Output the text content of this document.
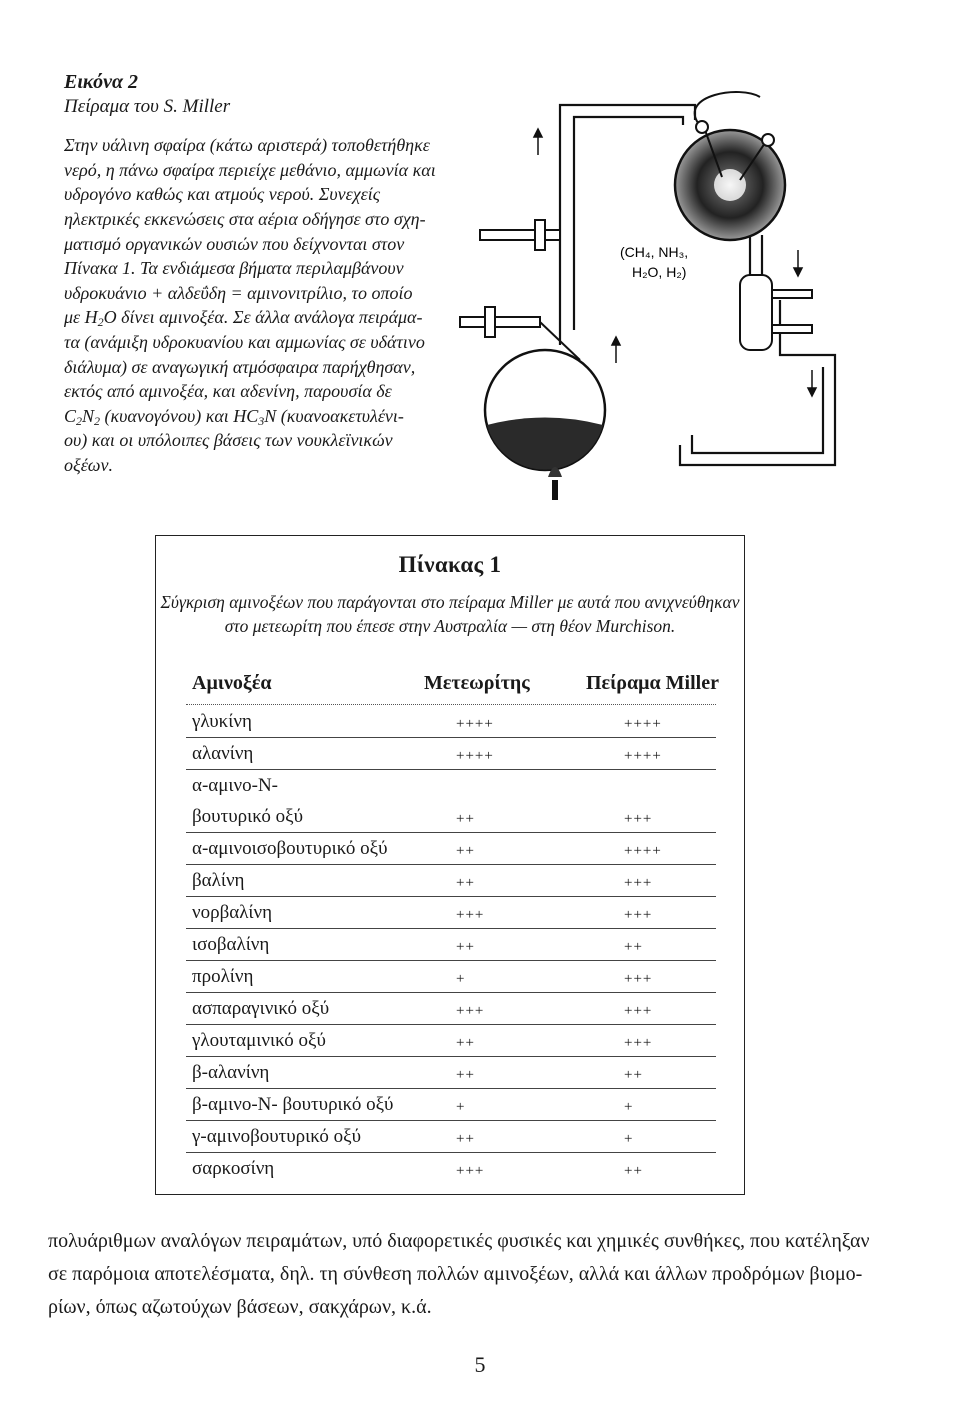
Εικόνα 2
Πείραμα του S. Miller
Στην υάλινη σφαίρα (κάτω αριστερά) τοποθετήθηκε
νερό, η πάνω σφαίρα περιείχε μεθάνιο, αμμωνία και
υδρογόνο καθώς και ατμούς νερού. Συνεχείς
ηλεκτρικές εκκενώσεις στα αέρια οδήγησε στο σχη-
ματισμό οργανικών ουσιών που δείχνονται στον
Πίνακα 1. Τα ενδιάμεσα βήματα περιλαμβάνουν
υδροκυάνιο + αλδεΰδη = αμινονιτρίλιο, το οποίο
με $H_2O$ δίνει αμινοξέα. Σε άλλα ανάλογα πειράμα-
τα (ανάμιξη υδροκυανίου και αμμωνίας σε υδάτινο
διάλυμα) σε αναγωγική ατμόσφαιρα παρήχθησαν,
εκτός από αμινοξέα, και αδενίνη, παρουσία δε
$C_2N_2$ (κυανογόνου) και $HC_3N$ (κυανοακετυλένι-
ου) και οι υπόλοιπες βάσεις των νουκλεϊνικών
οξέων.
(CH₄, NH₃,
H₂O, H₂)
Πίνακας 1
Σύγκριση αμινοξέων που παράγονται στο πείραμα Miller με αυτά που ανιχνεύθηκαν
στο μετεωρίτη που έπεσε στην Αυστραλία — στη θέον Murchison.
Αμινοξέα	Μετεωρίτης	Πείραμα Miller
γλυκίνη	++++	++++
αλανίνη	++++	++++
α-αμινο-Ν-
βουτυρικό οξύ	++	+++
α-αμινοισοβουτυρικό οξύ	++	++++
βαλίνη	++	+++
νορβαλίνη	+++	+++
ισοβαλίνη	++	++
προλίνη	+	+++
ασπαραγινικό οξύ	+++	+++
γλουταμινικό οξύ	++	+++
β-αλανίνη	++	++
β-αμινο-Ν- βουτυρικό οξύ	+	+
γ-αμινοβουτυρικό οξύ	++	+
σαρκοσίνη	+++	++
πολυάριθμων αναλόγων πειραμάτων, υπό διαφορετικές φυσικές και χημικές συνθήκες, που κατέληξαν
σε παρόμοια αποτελέσματα, δηλ. τη σύνθεση πολλών αμινοξέων, αλλά και άλλων προδρόμων βιομο-
ρίων, όπως αζωτούχων βάσεων, σακχάρων, κ.ά.
5
